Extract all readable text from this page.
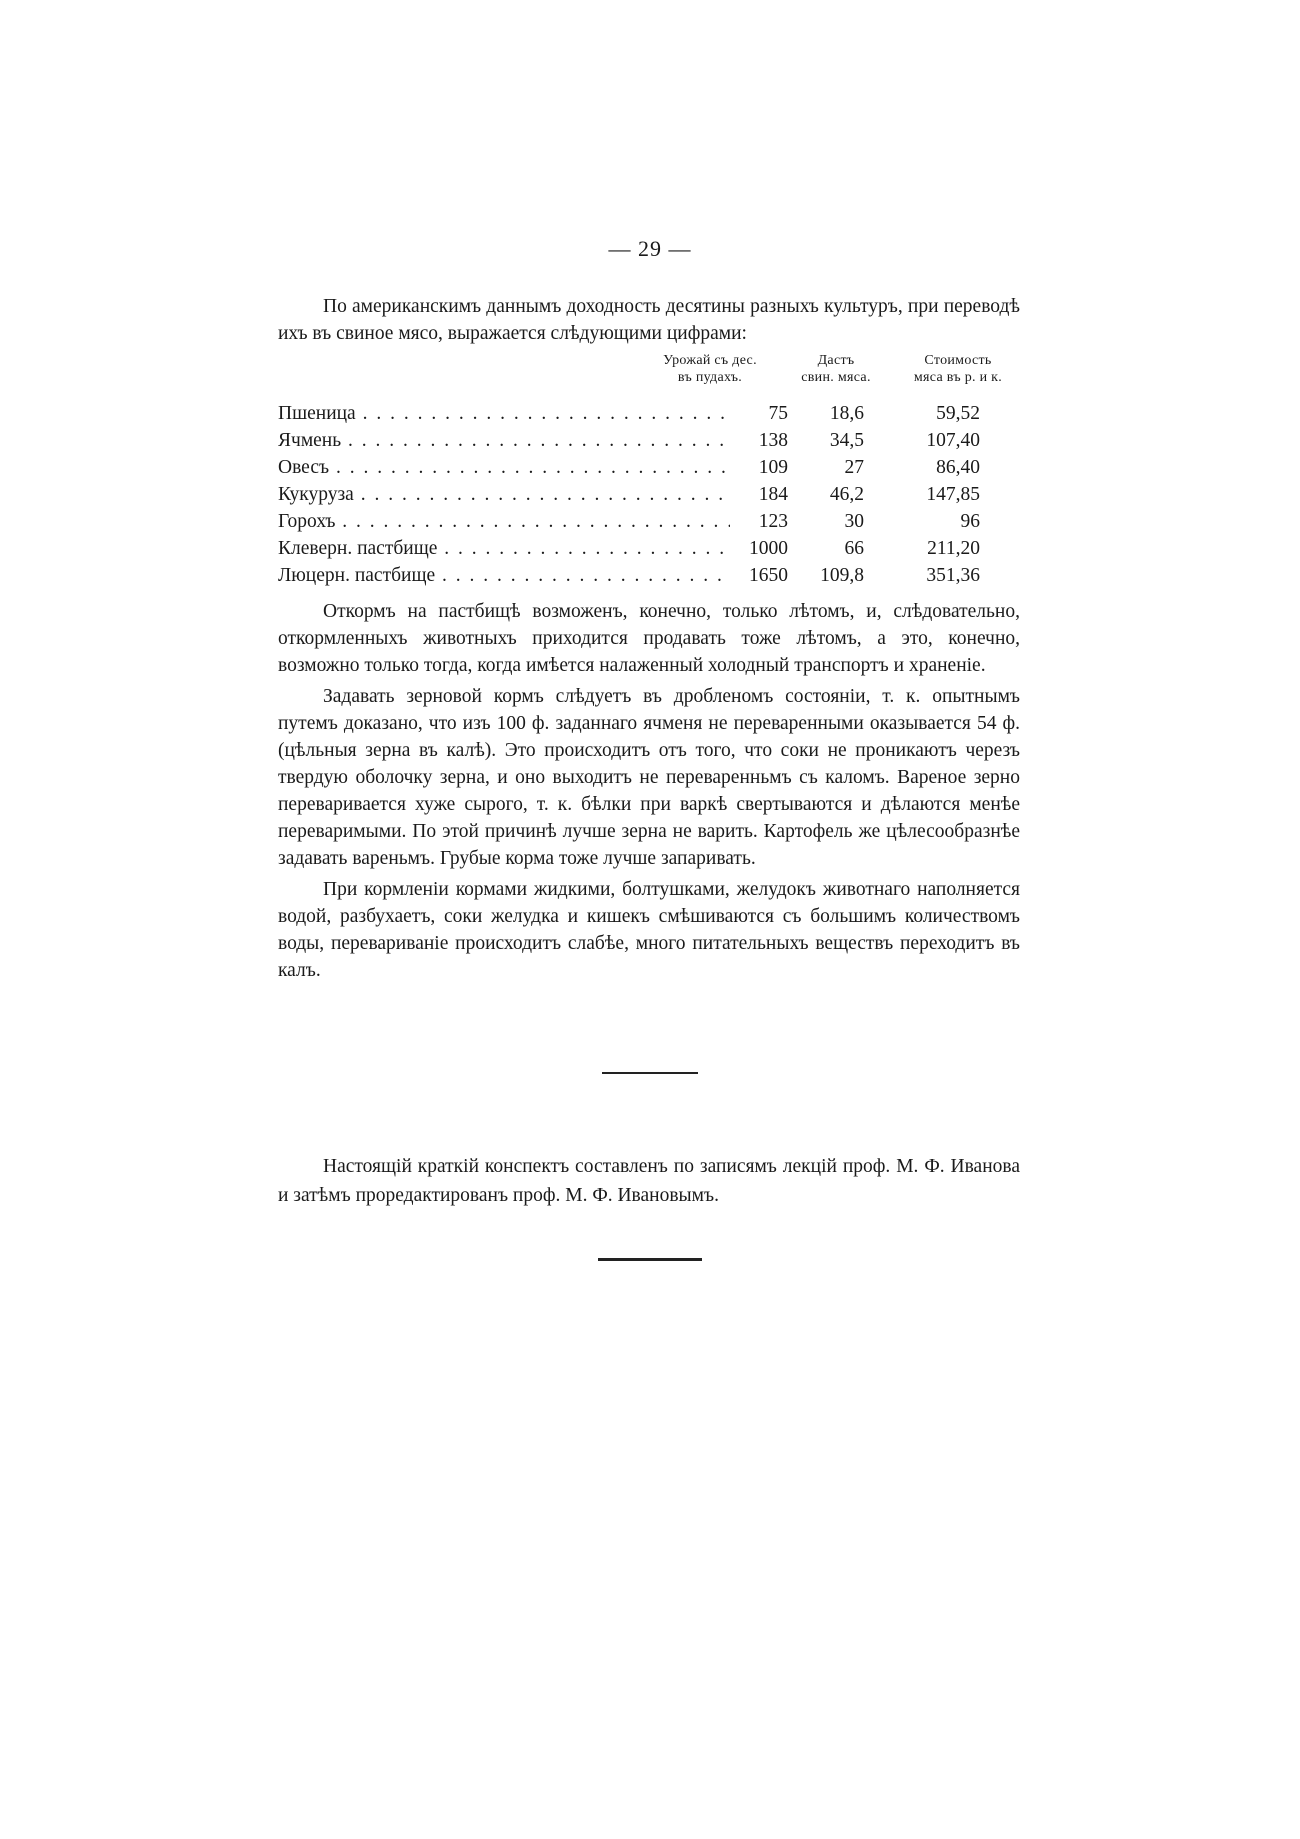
— 29 —

По американскимъ даннымъ доходность десятины разныхъ культуръ, при переводѣ ихъ въ свиное мясо, выражается слѣдующими цифрами:

Урожай съ дес.
въ пудахъ.
Дастъ
свин. мяса.
Стоимость
мяса въ р. и к.
Пшеница . . .	75	18,6	59,52
Ячмень . . .	138	34,5	107,40
Овесъ . . .	109	27	86,40
Кукуруза . . .	184	46,2	147,85
Горохъ . . .	123	30	96
Клеверн. пастбище . . .	1000	66	211,20
Люцерн. пастбище . . .	1650	109,8	351,36

Откормъ на пастбищѣ возможенъ, конечно, только лѣтомъ, и, слѣдовательно, откормленныхъ животныхъ приходится продавать тоже лѣтомъ, а это, конечно, возможно только тогда, когда имѣется налаженный холодный транспортъ и храненіе.

Задавать зерновой кормъ слѣдуетъ въ дробленомъ состояніи, т. к. опытнымъ путемъ доказано, что изъ 100 ф. заданнаго ячменя не переваренными оказывается 54 ф. (цѣльныя зерна въ калѣ). Это происходитъ отъ того, что соки не проникаютъ черезъ твердую оболочку зерна, и оно выходитъ не переваренньмъ съ каломъ. Вареное зерно переваривается хуже сырого, т. к. бѣлки при варкѣ свертываются и дѣлаются менѣе переваримыми. По этой причинѣ лучше зерна не варить. Картофель же цѣлесообразнѣе задавать вареньмъ. Грубые корма тоже лучше запаривать.

При кормленіи кормами жидкими, болтушками, желудокъ животнаго наполняется водой, разбухаетъ, соки желудка и кишекъ смѣшиваются съ большимъ количествомъ воды, перевариваніе происходитъ слабѣе, много питательныхъ веществъ переходитъ въ калъ.

Настоящій краткій конспектъ составленъ по записямъ лекцій проф. М. Ф. Иванова и затѣмъ проредактированъ проф. М. Ф. Ивановымъ.
